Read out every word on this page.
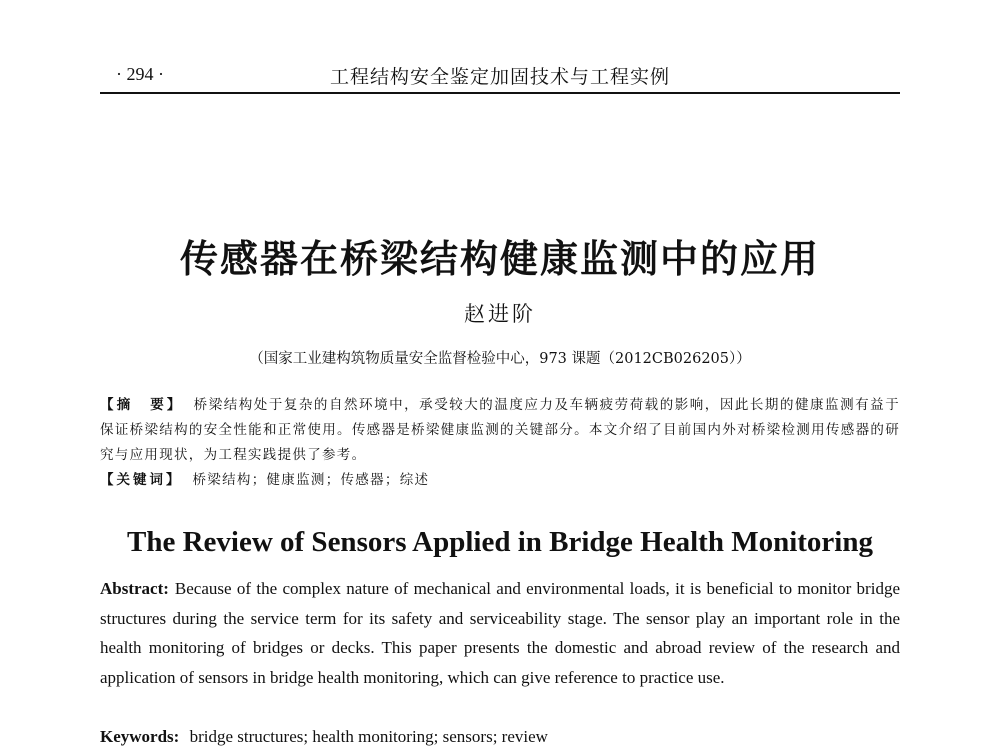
· 294 ·	工程结构安全鉴定加固技术与工程实例
传感器在桥梁结构健康监测中的应用
赵进阶
（国家工业建构筑物质量安全监督检验中心，973 课题（2012CB026205））
【摘　要】 桥梁结构处于复杂的自然环境中，承受较大的温度应力及车辆疲劳荷载的影响，因此长期的健康监测有益于保证桥梁结构的安全性能和正常使用。传感器是桥梁健康监测的关键部分。本文介绍了目前国内外对桥梁检测用传感器的研究与应用现状，为工程实践提供了参考。
【关键词】 桥梁结构；健康监测；传感器；综述
The Review of Sensors Applied in Bridge Health Monitoring
Abstract: Because of the complex nature of mechanical and environmental loads, it is beneficial to monitor bridge structures during the service term for its safety and serviceability stage. The sensor play an important role in the health monitoring of bridges or decks. This paper presents the domestic and abroad review of the research and application of sensors in bridge health monitoring, which can give reference to practice use.
Keywords: bridge structures; health monitoring; sensors; review
